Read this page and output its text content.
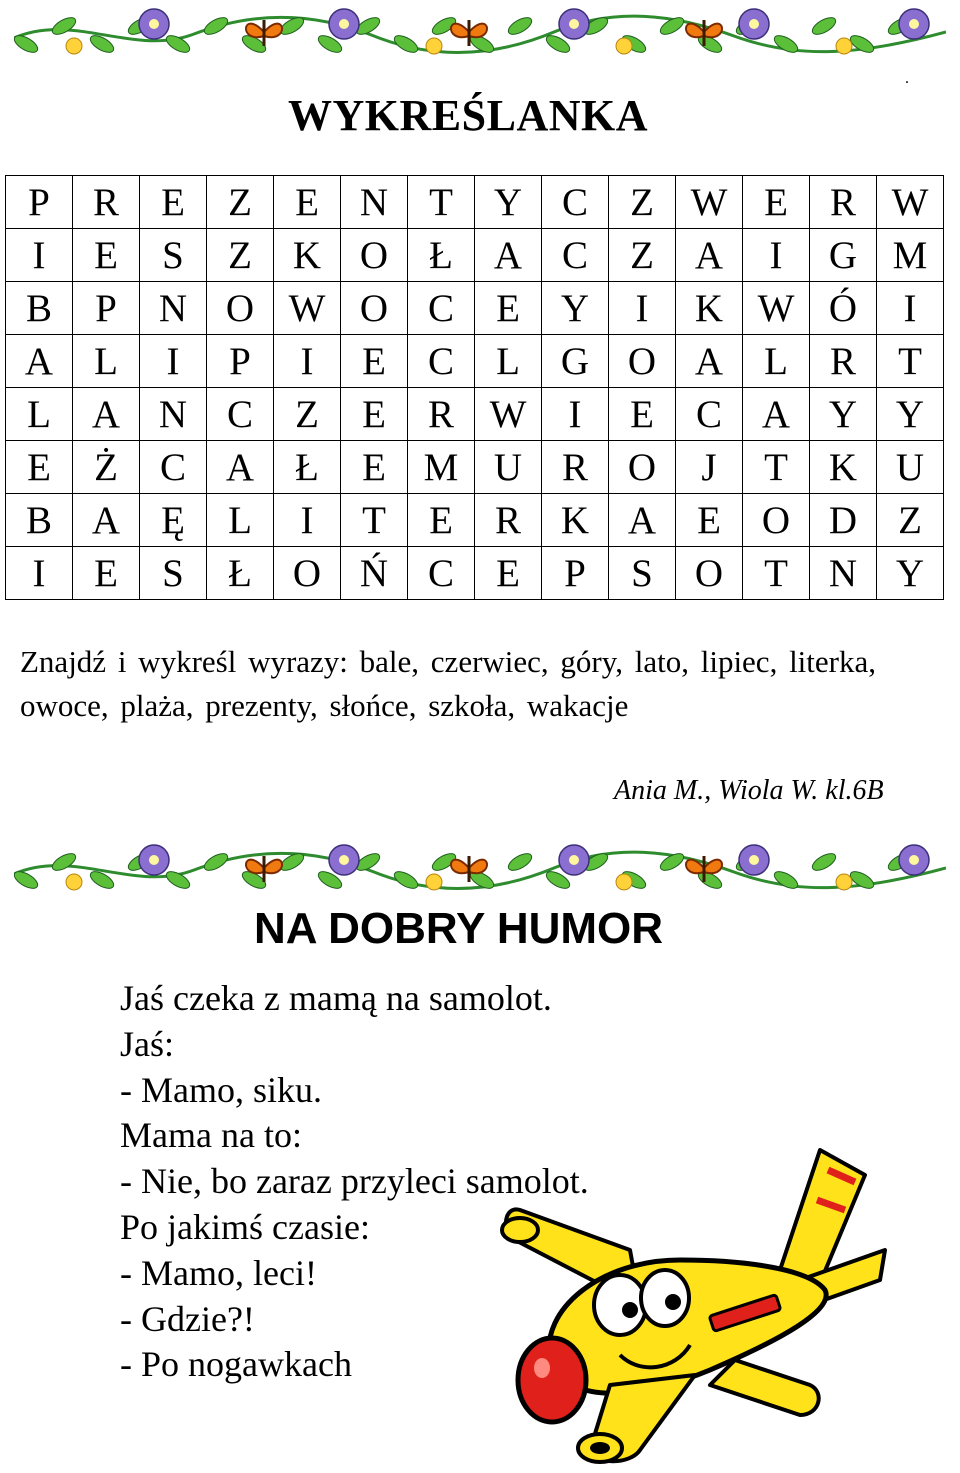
.
WYKREŚLANKA
P	R	E	Z	E	N	T	Y	C	Z	W	E	R	W
I	E	S	Z	K	O	Ł	A	C	Z	A	I	G	M
B	P	N	O	W	O	C	E	Y	I	K	W	Ó	I
A	L	I	P	I	E	C	L	G	O	A	L	R	T
L	A	N	C	Z	E	R	W	I	E	C	A	Y	Y
E	Ż	C	A	Ł	E	M	U	R	O	J	T	K	U
B	A	Ę	L	I	T	E	R	K	A	E	O	D	Z
I	E	S	Ł	O	Ń	C	E	P	S	O	T	N	Y
Znajdź i wykreśl wyrazy: bale, czerwiec, góry, lato, lipiec, literka, owoce, plaża, prezenty, słońce, szkoła, wakacje
Ania M., Wiola W. kl.6B
NA DOBRY HUMOR
Jaś czeka z mamą na samolot.
Jaś:
- Mamo, siku.
Mama na to:
- Nie, bo zaraz przyleci samolot.
Po jakimś czasie:
- Mamo, leci!
- Gdzie?!
- Po nogawkach
